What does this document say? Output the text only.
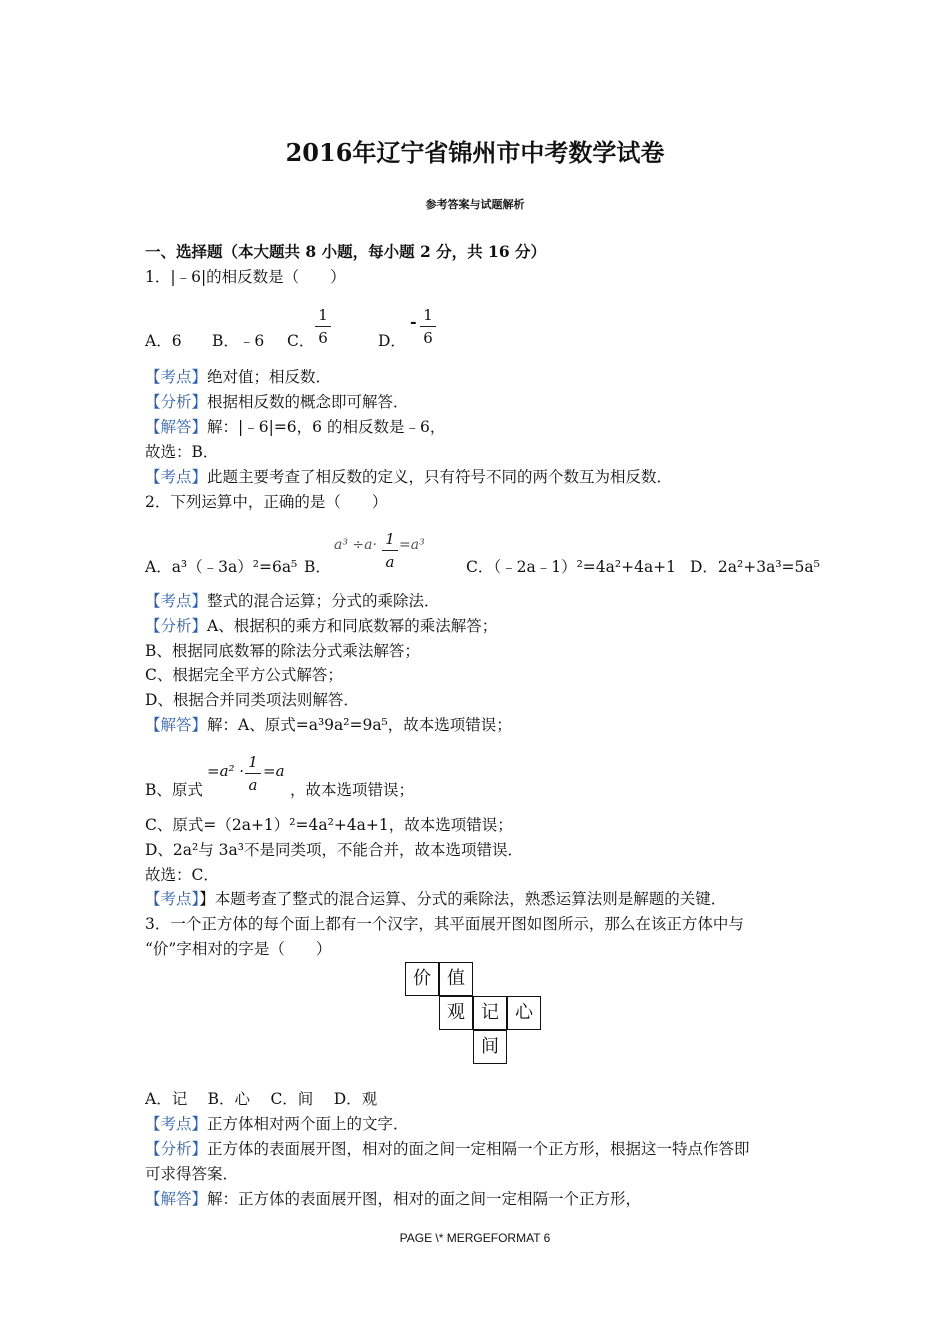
2016年辽宁省锦州市中考数学试卷
参考答案与试题解析
一、选择题（本大题共 8 小题，每小题 2 分，共 16 分）
1．|﹣6|的相反数是（　　）
A．6 B．﹣6 C．
1
6	D．
- 1
6
【考点】绝对值；相反数．
【分析】根据相反数的概念即可解答．
【解答】解：|﹣6|=6，6 的相反数是﹣6，
故选：B．
【考点】此题主要考查了相反数的定义，只有符号不同的两个数互为相反数．
2．下列运算中，正确的是（　　）
A．a³（﹣3a）²=6a⁵ B．
a³ ÷a· 1
a
=a³
C．（﹣2a﹣1）²=4a²+4a+1 D．2a²+3a³=5a⁵
【考点】整式的混合运算；分式的乘除法．
【分析】A、根据积的乘方和同底数幂的乘法解答；
B、根据同底数幂的除法分式乘法解答；
C、根据完全平方公式解答；
D、根据合并同类项法则解答．
【解答】解：A、原式=a³9a²=9a⁵，故本选项错误；
B、原式
=a² · 1
a
=a
，故本选项错误；
C、原式=（2a+1）²=4a²+4a+1，故本选项错误；
D、2a²与 3a³不是同类项，不能合并，故本选项错误．
故选：C．
【考点】】本题考查了整式的混合运算、分式的乘除法，熟悉运算法则是解题的关键．
3．一个正方体的每个面上都有一个汉字，其平面展开图如图所示，那么在该正方体中与
“价”字相对的字是（　　）
价 值
观 记 心
间
A．记　 B．心　 C．间　 D．观
【考点】正方体相对两个面上的文字．
【分析】正方体的表面展开图，相对的面之间一定相隔一个正方形，根据这一特点作答即
可求得答案．
【解答】解：正方体的表面展开图，相对的面之间一定相隔一个正方形，
PAGE \* MERGEFORMAT 6
